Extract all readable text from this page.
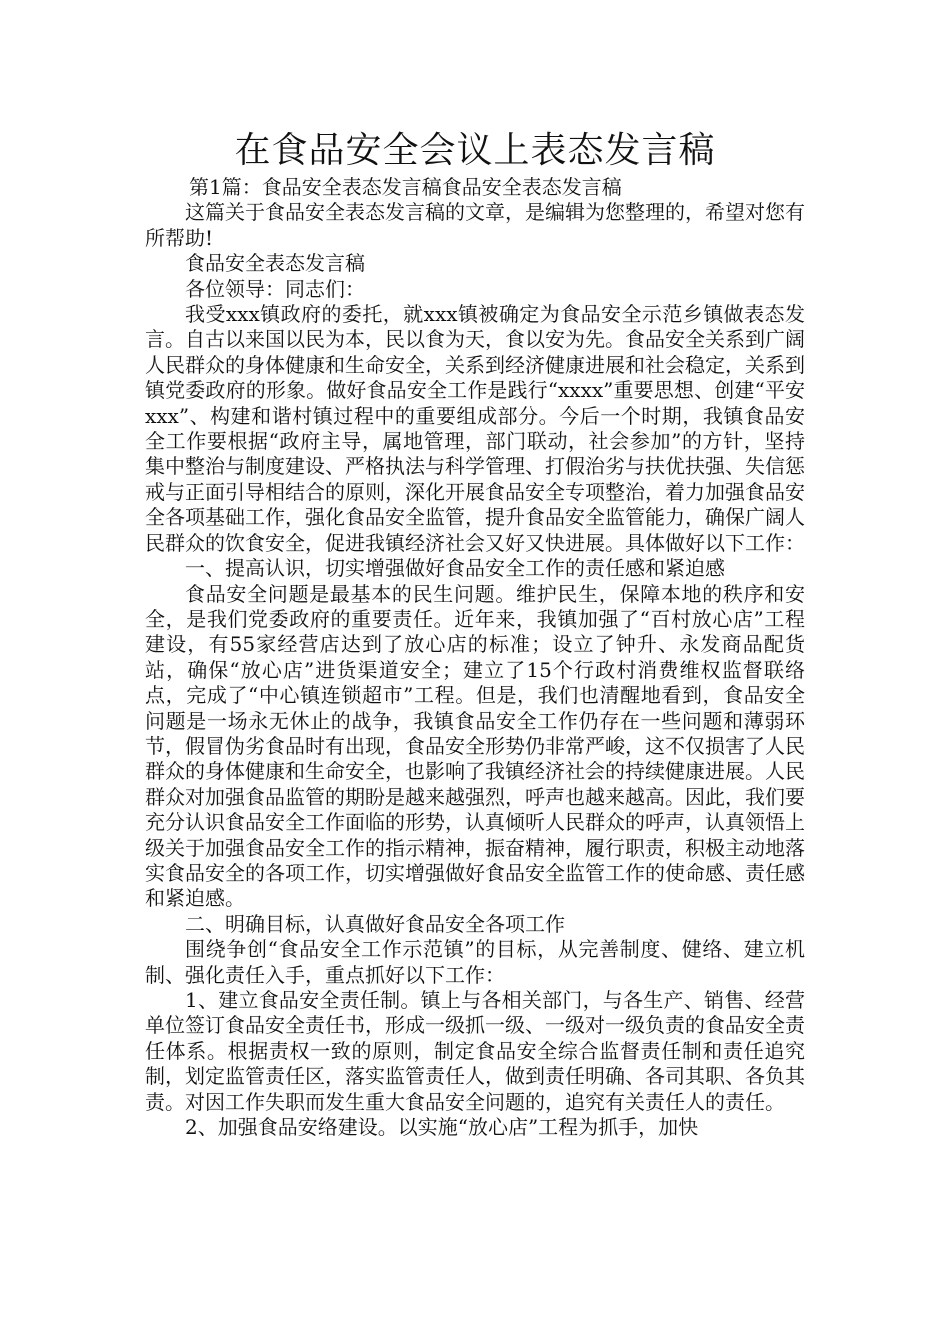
在食品安全会议上表态发言稿

第1篇：食品安全表态发言稿食品安全表态发言稿

这篇关于食品安全表态发言稿的文章，是编辑为您整理的，希望对您有所帮助!

食品安全表态发言稿

各位领导：同志们：

我受xxx镇政府的委托，就xxx镇被确定为食品安全示范乡镇做表态发言。自古以来国以民为本，民以食为天，食以安为先。食品安全关系到广阔人民群众的身体健康和生命安全，关系到经济健康进展和社会稳定，关系到镇党委政府的形象。做好食品安全工作是践行“xxxx”重要思想、创建“平安xxx”、构建和谐村镇过程中的重要组成部分。今后一个时期，我镇食品安全工作要根据“政府主导，属地管理，部门联动，社会参加”的方针，坚持集中整治与制度建设、严格执法与科学管理、打假治劣与扶优扶强、失信惩戒与正面引导相结合的原则，深化开展食品安全专项整治，着力加强食品安全各项基础工作，强化食品安全监管，提升食品安全监管能力，确保广阔人民群众的饮食安全，促进我镇经济社会又好又快进展。具体做好以下工作：

一、提高认识，切实增强做好食品安全工作的责任感和紧迫感

食品安全问题是最基本的民生问题。维护民生，保障本地的秩序和安全，是我们党委政府的重要责任。近年来，我镇加强了“百村放心店”工程建设，有55家经营店达到了放心店的标准；设立了钟升、永发商品配货站，确保“放心店”进货渠道安全；建立了15个行政村消费维权监督联络点，完成了“中心镇连锁超市”工程。但是，我们也清醒地看到，食品安全问题是一场永无休止的战争，我镇食品安全工作仍存在一些问题和薄弱环节，假冒伪劣食品时有出现，食品安全形势仍非常严峻，这不仅损害了人民群众的身体健康和生命安全，也影响了我镇经济社会的持续健康进展。人民群众对加强食品监管的期盼是越来越强烈，呼声也越来越高。因此，我们要充分认识食品安全工作面临的形势，认真倾听人民群众的呼声，认真领悟上级关于加强食品安全工作的指示精神，振奋精神，履行职责，积极主动地落实食品安全的各项工作，切实增强做好食品安全监管工作的使命感、责任感和紧迫感。

二、明确目标，认真做好食品安全各项工作

围绕争创“食品安全工作示范镇”的目标，从完善制度、健络、建立机制、强化责任入手，重点抓好以下工作：

1、建立食品安全责任制。镇上与各相关部门，与各生产、销售、经营单位签订食品安全责任书，形成一级抓一级、一级对一级负责的食品安全责任体系。根据责权一致的原则，制定食品安全综合监督责任制和责任追究制，划定监管责任区，落实监管责任人，做到责任明确、各司其职、各负其责。对因工作失职而发生重大食品安全问题的，追究有关责任人的责任。

2、加强食品安络建设。以实施“放心店”工程为抓手，加快
